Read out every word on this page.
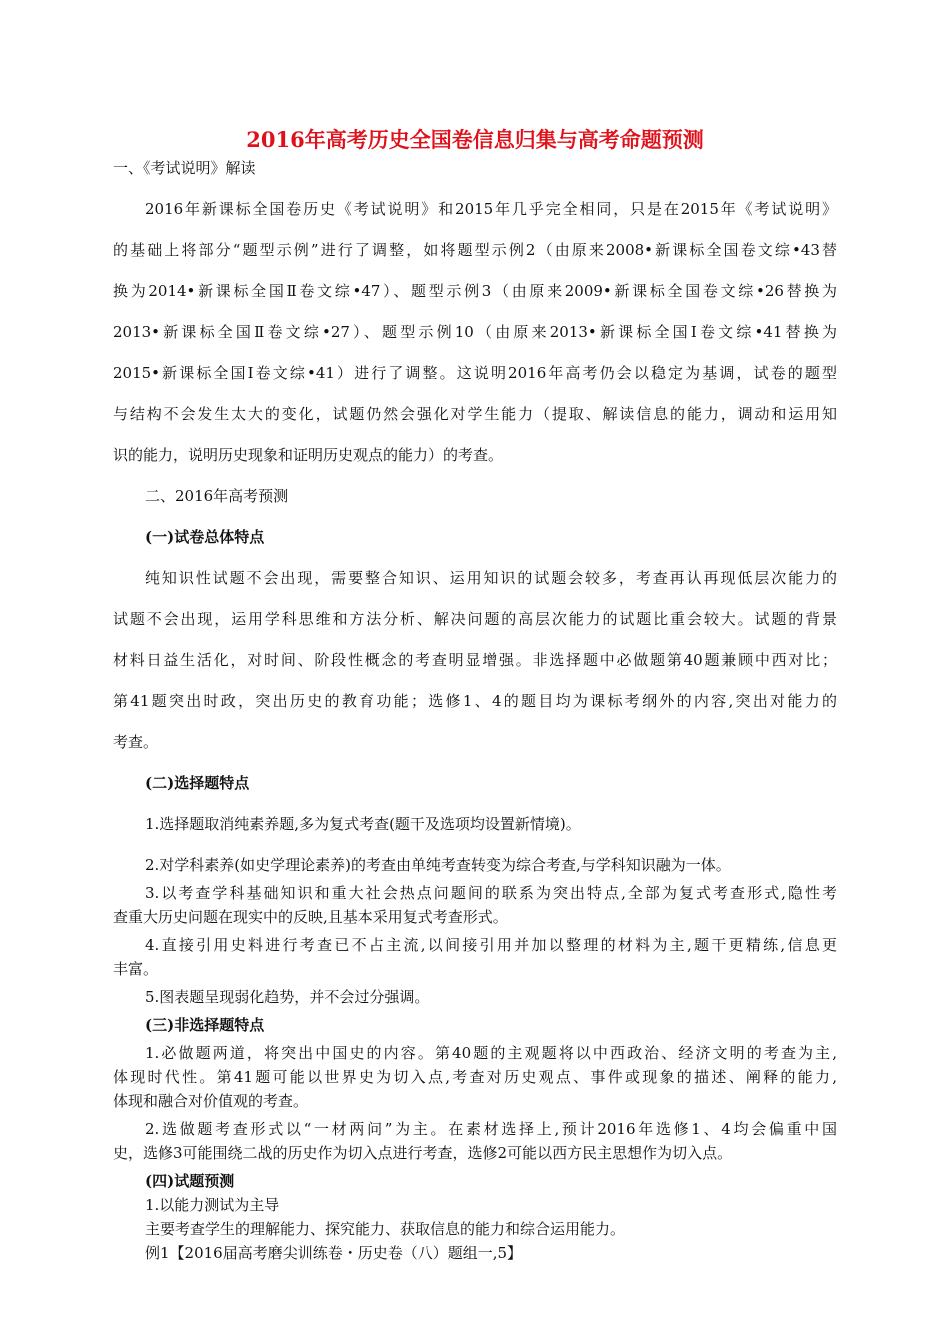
2016年高考历史全国卷信息归集与高考命题预测
一、《考试说明》解读
2016年新课标全国卷历史《考试说明》和2015年几乎完全相同，只是在2015年《考试说明》
的基础上将部分“题型示例”进行了调整，如将题型示例2（由原来2008•新课标全国卷文综•43替
换为2014•新课标全国Ⅱ卷文综•47）、题型示例3（由原来2009•新课标全国卷文综•26替换为
2013•新课标全国Ⅱ卷文综•27）、题型示例10（由原来2013•新课标全国Ⅰ卷文综•41替换为
2015•新课标全国Ⅰ卷文综•41）进行了调整。这说明2016年高考仍会以稳定为基调，试卷的题型
与结构不会发生太大的变化，试题仍然会强化对学生能力（提取、解读信息的能力，调动和运用知
识的能力，说明历史现象和证明历史观点的能力）的考查。
二、2016年高考预测
(一)试卷总体特点
纯知识性试题不会出现，需要整合知识、运用知识的试题会较多，考查再认再现低层次能力的
试题不会出现，运用学科思维和方法分析、解决问题的高层次能力的试题比重会较大。试题的背景
材料日益生活化，对时间、阶段性概念的考查明显增强。非选择题中必做题第40题兼顾中西对比；
第41题突出时政，突出历史的教育功能；选修1、4的题目均为课标考纲外的内容,突出对能力的
考查。
(二)选择题特点
1.选择题取消纯素养题,多为复式考查(题干及选项均设置新情境)。
2.对学科素养(如史学理论素养)的考查由单纯考查转变为综合考查,与学科知识融为一体。
3.以考查学科基础知识和重大社会热点问题间的联系为突出特点,全部为复式考查形式,隐性考
查重大历史问题在现实中的反映,且基本采用复式考查形式。
4.直接引用史料进行考查已不占主流,以间接引用并加以整理的材料为主,题干更精练,信息更
丰富。
5.图表题呈现弱化趋势，并不会过分强调。
(三)非选择题特点
1.必做题两道，将突出中国史的内容。第40题的主观题将以中西政治、经济文明的考查为主,
体现时代性。第41题可能以世界史为切入点,考查对历史观点、事件或现象的描述、阐释的能力,
体现和融合对价值观的考查。
2.选做题考查形式以“一材两问”为主。在素材选择上,预计2016年选修1、4均会偏重中国
史，选修3可能围绕二战的历史作为切入点进行考查，选修2可能以西方民主思想作为切入点。
(四)试题预测
1.以能力测试为主导
主要考查学生的理解能力、探究能力、获取信息的能力和综合运用能力。
例1【2016届高考磨尖训练卷・历史卷（八）题组一,5】
